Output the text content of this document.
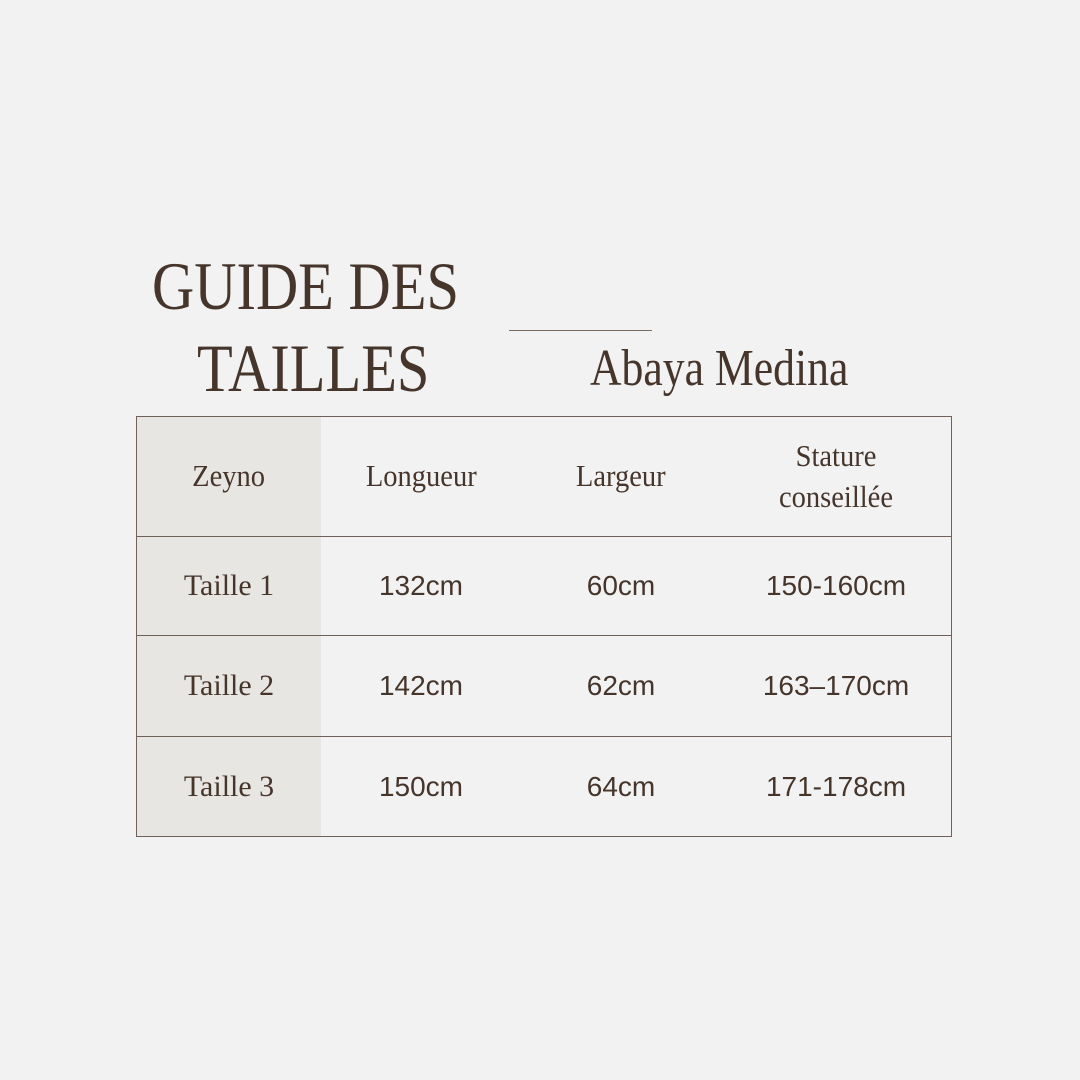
GUIDE DES
TAILLES	Abaya Medina
Zeyno	Longueur	Largeur	Stature conseillée
Taille 1	132cm	60cm	150-160cm
Taille 2	142cm	62cm	163–170cm
Taille 3	150cm	64cm	171-178cm
